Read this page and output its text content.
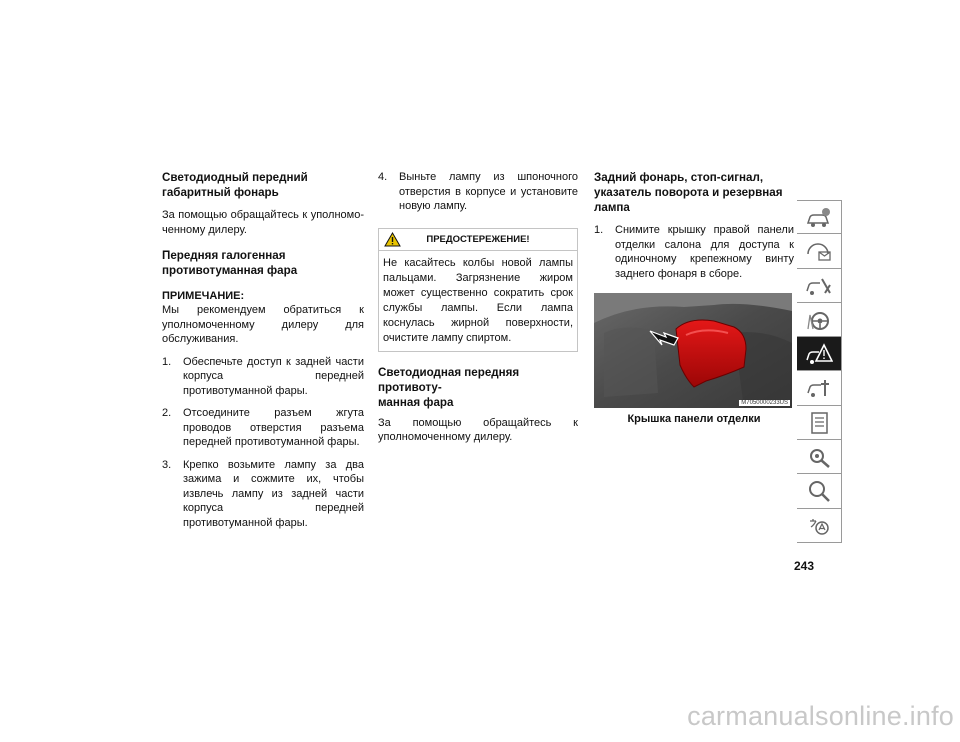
Светодиодный передний
габаритный фонарь

За помощью обращайтесь к уполномоченному дилеру.

Передняя галогенная
противотуманная фара
ПРИМЕЧАНИЕ:

Мы рекомендуем обратиться к уполномоченному дилеру для обслуживания.

1. Обеспечьте доступ к задней части корпуса передней противотуманной фары.
2. Отсоедините разъем жгута проводов отверстия разъема передней противотуманной фары.
3. Крепко возьмите лампу за два зажима и сожмите их, чтобы извлечь лампу из задней части корпуса передней противотуманной фары.
4. Выньте лампу из шпоночного отверстия в корпусе и установите новую лампу.
ПРЕДОСТЕРЕЖЕНИЕ!
Не касайтесь колбы новой лампы пальцами. Загрязнение жиром может существенно сократить срок службы лампы. Если лампа коснулась жирной поверхности, очистите лампу спиртом.
Светодиодная передняя противоту-
манная фара

За помощью обращайтесь к уполномоченному дилеру.

Задний фонарь, стоп-сигнал,
указатель поворота и резервная
лампа
1. Снимите крышку правой панели отделки салона для доступа к одиночному крепежному винту заднего фонаря в сборе.
M7050000233US
Крышка панели отделки
243
carmanualsonline.info
